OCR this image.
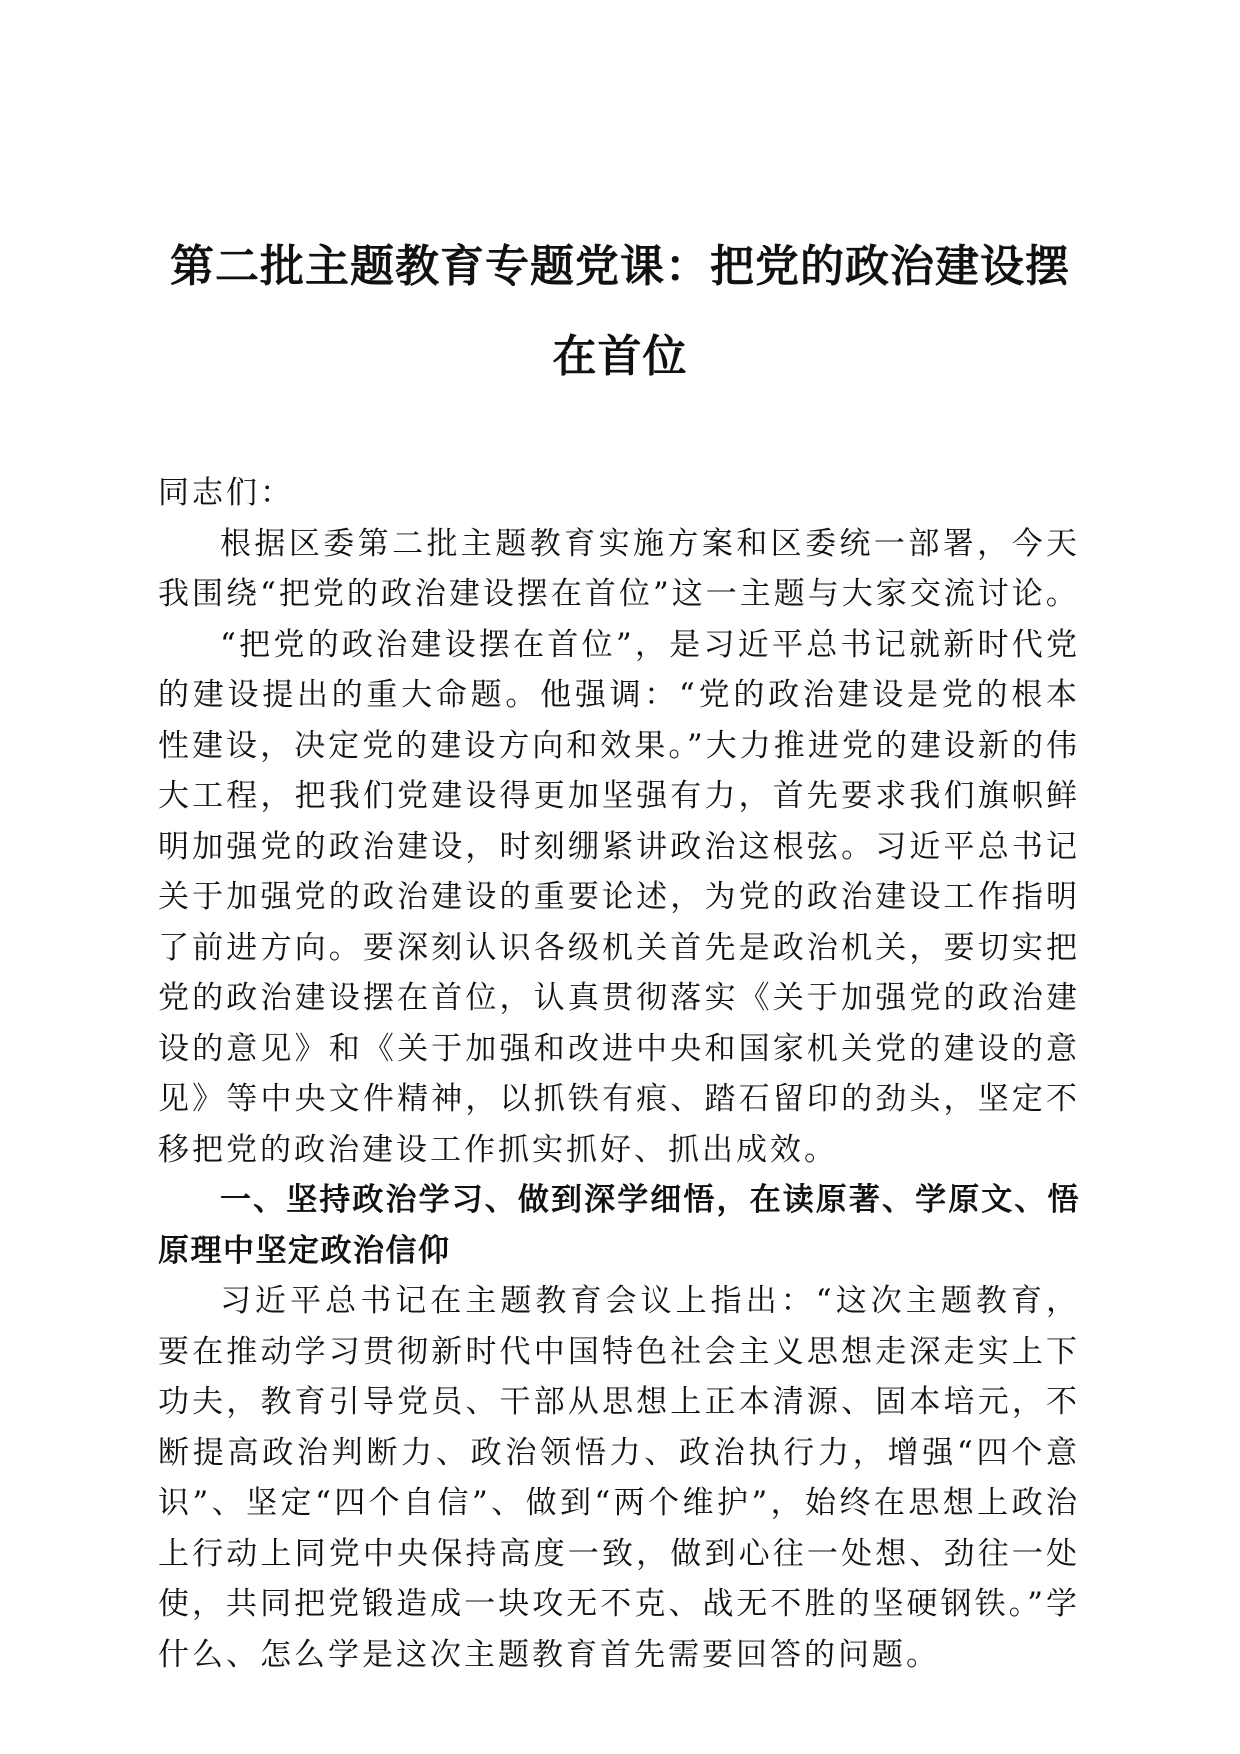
第二批主题教育专题党课：把党的政治建设摆在首位

同志们：

根据区委第二批主题教育实施方案和区委统一部署，今天我围绕“把党的政治建设摆在首位”这一主题与大家交流讨论。

“把党的政治建设摆在首位”，是习近平总书记就新时代党的建设提出的重大命题。他强调：“党的政治建设是党的根本性建设，决定党的建设方向和效果。”大力推进党的建设新的伟大工程，把我们党建设得更加坚强有力，首先要求我们旗帜鲜明加强党的政治建设，时刻绷紧讲政治这根弦。习近平总书记关于加强党的政治建设的重要论述，为党的政治建设工作指明了前进方向。要深刻认识各级机关首先是政治机关，要切实把党的政治建设摆在首位，认真贯彻落实《关于加强党的政治建设的意见》和《关于加强和改进中央和国家机关党的建设的意见》等中央文件精神，以抓铁有痕、踏石留印的劲头，坚定不移把党的政治建设工作抓实抓好、抓出成效。

一、坚持政治学习、做到深学细悟，在读原著、学原文、悟原理中坚定政治信仰

习近平总书记在主题教育会议上指出：“这次主题教育，要在推动学习贯彻新时代中国特色社会主义思想走深走实上下功夫，教育引导党员、干部从思想上正本清源、固本培元，不断提高政治判断力、政治领悟力、政治执行力，增强“四个意识”、坚定“四个自信”、做到“两个维护”，始终在思想上政治上行动上同党中央保持高度一致，做到心往一处想、劲往一处使，共同把党锻造成一块攻无不克、战无不胜的坚硬钢铁。”学什么、怎么学是这次主题教育首先需要回答的问题。
